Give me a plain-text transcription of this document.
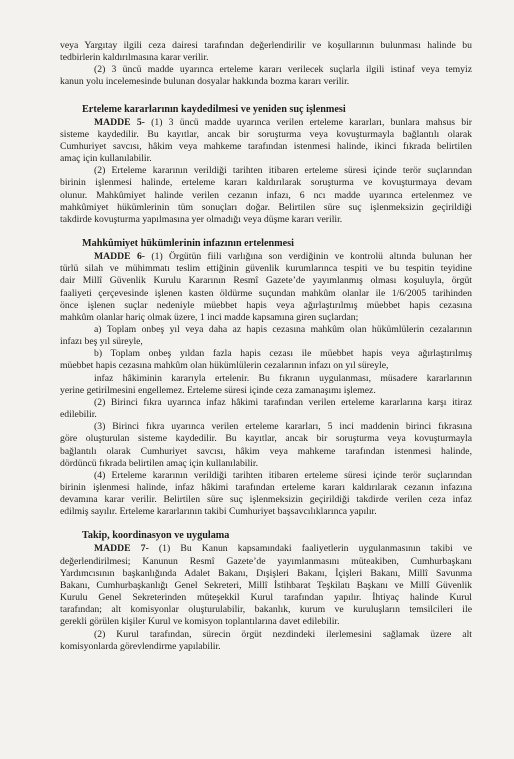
veya Yargıtay ilgili ceza dairesi tarafından değerlendirilir ve koşullarının bulunması halinde bu
tedbirlerin kaldırılmasına karar verilir.

(2) 3 üncü madde uyarınca erteleme kararı verilecek suçlarla ilgili istinaf veya temyiz
kanun yolu incelemesinde bulunan dosyalar hakkında bozma kararı verilir.

Erteleme kararlarının kaydedilmesi ve yeniden suç işlenmesi

MADDE 5- (1) 3 üncü madde uyarınca verilen erteleme kararları, bunlara mahsus bir
sisteme kaydedilir. Bu kayıtlar, ancak bir soruşturma veya kovuşturmayla bağlantılı olarak
Cumhuriyet savcısı, hâkim veya mahkeme tarafından istenmesi halinde, ikinci fıkrada belirtilen
amaç için kullanılabilir.

(2) Erteleme kararının verildiği tarihten itibaren erteleme süresi içinde terör suçlarından
birinin işlenmesi halinde, erteleme kararı kaldırılarak soruşturma ve kovuşturmaya devam
olunur. Mahkûmiyet halinde verilen cezanın infazı, 6 ncı madde uyarınca ertelenmez ve
mahkûmiyet hükümlerinin tüm sonuçları doğar. Belirtilen süre suç işlenmeksizin geçirildiği
takdirde kovuşturma yapılmasına yer olmadığı veya düşme kararı verilir.

Mahkûmiyet hükümlerinin infazının ertelenmesi

MADDE 6- (1) Örgütün fiili varlığına son verdiğinin ve kontrolü altında bulunan her
türlü silah ve mühimmatı teslim ettiğinin güvenlik kurumlarınca tespiti ve bu tespitin teyidine
dair Millî Güvenlik Kurulu Kararının Resmî Gazete’de yayımlanmış olması koşuluyla, örgüt
faaliyeti çerçevesinde işlenen kasten öldürme suçundan mahkûm olanlar ile 1/6/2005 tarihinden
önce işlenen suçlar nedeniyle müebbet hapis veya ağırlaştırılmış müebbet hapis cezasına
mahkûm olanlar hariç olmak üzere, 1 inci madde kapsamına giren suçlardan;

a) Toplam onbeş yıl veya daha az hapis cezasına mahkûm olan hükümlülerin cezalarının
infazı beş yıl süreyle,

b) Toplam onbeş yıldan fazla hapis cezası ile müebbet hapis veya ağırlaştırılmış
müebbet hapis cezasına mahkûm olan hükümlülerin cezalarının infazı on yıl süreyle,

infaz hâkiminin kararıyla ertelenir. Bu fıkranın uygulanması, müsadere kararlarının
yerine getirilmesini engellemez. Erteleme süresi içinde ceza zamanaşımı işlemez.

(2) Birinci fıkra uyarınca infaz hâkimi tarafından verilen erteleme kararlarına karşı itiraz
edilebilir.

(3) Birinci fıkra uyarınca verilen erteleme kararları, 5 inci maddenin birinci fıkrasına
göre oluşturulan sisteme kaydedilir. Bu kayıtlar, ancak bir soruşturma veya kovuşturmayla
bağlantılı olarak Cumhuriyet savcısı, hâkim veya mahkeme tarafından istenmesi halinde,
dördüncü fıkrada belirtilen amaç için kullanılabilir.

(4) Erteleme kararının verildiği tarihten itibaren erteleme süresi içinde terör suçlarından
birinin işlenmesi halinde, infaz hâkimi tarafından erteleme kararı kaldırılarak cezanın infazına
devamına karar verilir. Belirtilen süre suç işlenmeksizin geçirildiği takdirde verilen ceza infaz
edilmiş sayılır. Erteleme kararlarının takibi Cumhuriyet başsavcılıklarınca yapılır.

Takip, koordinasyon ve uygulama

MADDE 7- (1) Bu Kanun kapsamındaki faaliyetlerin uygulanmasının takibi ve
değerlendirilmesi; Kanunun Resmî Gazete’de yayımlanmasını müteakiben, Cumhurbaşkanı
Yardımcısının başkanlığında Adalet Bakanı, Dışişleri Bakanı, İçişleri Bakanı, Millî Savunma
Bakanı, Cumhurbaşkanlığı Genel Sekreteri, Millî İstihbarat Teşkilatı Başkanı ve Millî Güvenlik
Kurulu Genel Sekreterinden müteşekkil Kurul tarafından yapılır. İhtiyaç halinde Kurul
tarafından; alt komisyonlar oluşturulabilir, bakanlık, kurum ve kuruluşların temsilcileri ile
gerekli görülen kişiler Kurul ve komisyon toplantılarına davet edilebilir.

(2) Kurul tarafından, sürecin örgüt nezdindeki ilerlemesini sağlamak üzere alt
komisyonlarda görevlendirme yapılabilir.
